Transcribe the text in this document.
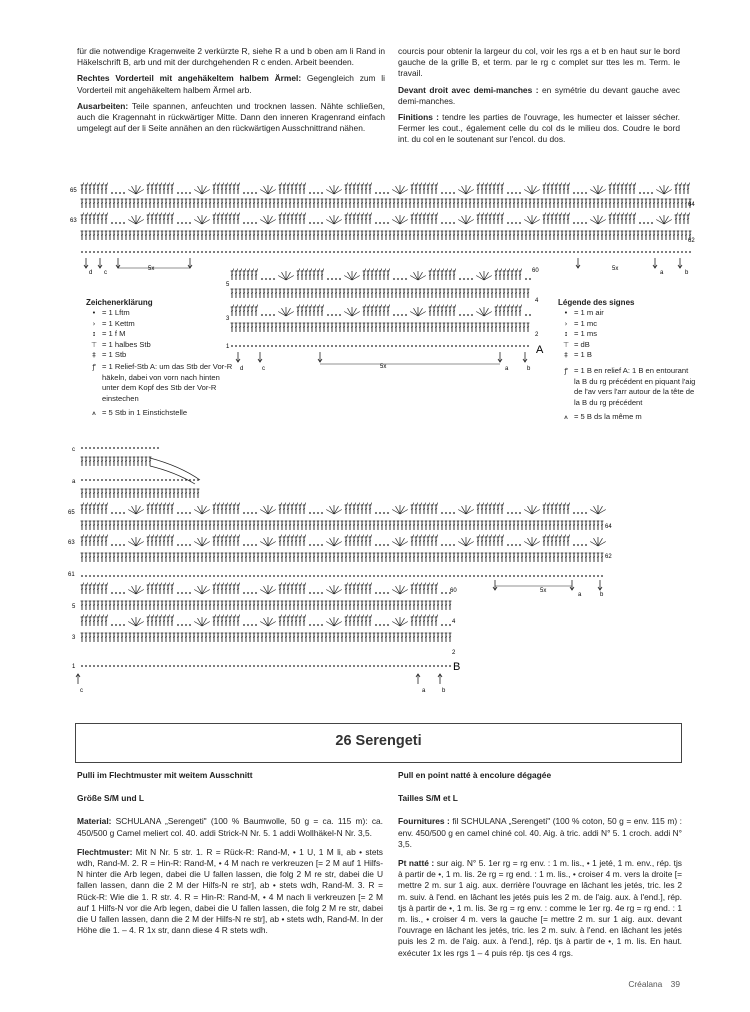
für die notwendige Kragenweite 2 verkürzte R, siehe R a und b oben am li Rand in Häkelschrift B, arb und mit der durchgehenden R c enden. Arbeit beenden.

Rechtes Vorderteil mit angehäkeltem halbem Ärmel: Gegengleich zum li Vorderteil mit angehäkeltem halbem Ärmel arb.

Ausarbeiten: Teile spannen, anfeuchten und trocknen lassen. Nähte schließen, auch die Kragennaht in rückwärtiger Mitte. Dann den inneren Kragenrand einfach umgelegt auf der li Seite annähen an den rückwärtigen Ausschnittrand nähen.

courcis pour obtenir la largeur du col, voir les rgs a et b en haut sur le bord gauche de la grille B, et term. par le rg c complet sur ttes les m. Term. le travail.

Devant droit avec demi-manches : en symétrie du devant gauche avec demi-manches.

Finitions : tendre les parties de l'ouvrage, les humecter et laisser sécher. Fermer les cout., également celle du col ds le milieu dos. Coudre le bord int. du col en le soutenant sur l'encol. du dos.

65
64
63
62
60
5
4
3
2
1	A
d c
5x
a	b
d	c	5x	a	b
5x
Zeichenerklärung
• = 1 Lftm
› = 1 Kettm
ɪ = 1 f M
⊤ = 1 halbes Stb
‡ = 1 Stb
ꝭ = 1 Relief-Stb A: um das Stb der Vor-R häkeln, dabei von vorn nach hinten unter dem Kopf des Stb der Vor-R einstechen
⩚ = 5 Stb in 1 Einstichstelle
Légende des signes
• = 1 m air
› = 1 mc
ɪ = 1 ms
⊤ = dB
‡ = 1 B
ꝭ = 1 B en relief A: 1 B en entourant la B du rg précédent en piquant l'aig de l'av vers l'arr autour de la tête de la B du rg précédent
⩚ = 5 B ds la même m
c
a
65
64
63
62
61
60
5
4
3
2
1	B
c
5x
a	b
a	b
26 Serengeti

Pulli im Flechtmuster mit weitem Ausschnitt

Größe S/M und L

Material: SCHULANA „Serengeti" (100 % Baumwolle, 50 g = ca. 115 m): ca. 450/500 g Camel meliert col. 40. addi Strick-N Nr. 5. 1 addi Wollhäkel-N Nr. 3,5.

Flechtmuster: Mit N Nr. 5 str. 1. R = Rück-R: Rand-M, • 1 U, 1 M li, ab • stets wdh, Rand-M. 2. R = Hin-R: Rand-M, • 4 M nach re verkreuzen [= 2 M auf 1 Hilfs-N hinter die Arb legen, dabei die U fallen lassen, die folg 2 M re str, dabei die U fallen lassen, dann die 2 M der Hilfs-N re str], ab • stets wdh, Rand-M. 3. R = Rück-R: Wie die 1. R str. 4. R = Hin-R: Rand-M, • 4 M nach li verkreuzen [= 2 M auf 1 Hilfs-N vor die Arb legen, dabei die U fallen lassen, die folg 2 M re str, dabei die U fallen lassen, dann die 2 M der Hilfs-N re str], ab • stets wdh, Rand-M. In der Höhe die 1. – 4. R 1x str, dann diese 4 R stets wdh.

Pull en point natté à encolure dégagée

Tailles S/M et L

Fournitures : fil SCHULANA „Serengeti" (100 % coton, 50 g = env. 115 m) : env. 450/500 g en camel chiné col. 40. Aig. à tric. addi N° 5. 1 croch. addi N° 3,5.

Pt natté : sur aig. N° 5. 1er rg = rg env. : 1 m. lis., • 1 jeté, 1 m. env., rép. tjs à partir de •, 1 m. lis. 2e rg = rg end. : 1 m. lis., • croiser 4 m. vers la droite [= mettre 2 m. sur 1 aig. aux. derrière l'ouvrage en lâchant les jetés, tric. les 2 m. suiv. à l'end. en lâchant les jetés puis les 2 m. de l'aig. aux. à l'end.], rép. tjs à partir de •, 1 m. lis. 3e rg = rg env. : comme le 1er rg. 4e rg = rg end. : 1 m. lis., • croiser 4 m. vers la gauche [= mettre 2 m. sur 1 aig. aux. devant l'ouvrage en lâchant les jetés, tric. les 2 m. suiv. à l'end. en lâchant les jetés puis les 2 m. de l'aig. aux. à l'end.], rép. tjs à partir de •, 1 m. lis. En haut. exécuter 1x les rgs 1 – 4 puis rép. tjs ces 4 rgs.

Créalana 39
